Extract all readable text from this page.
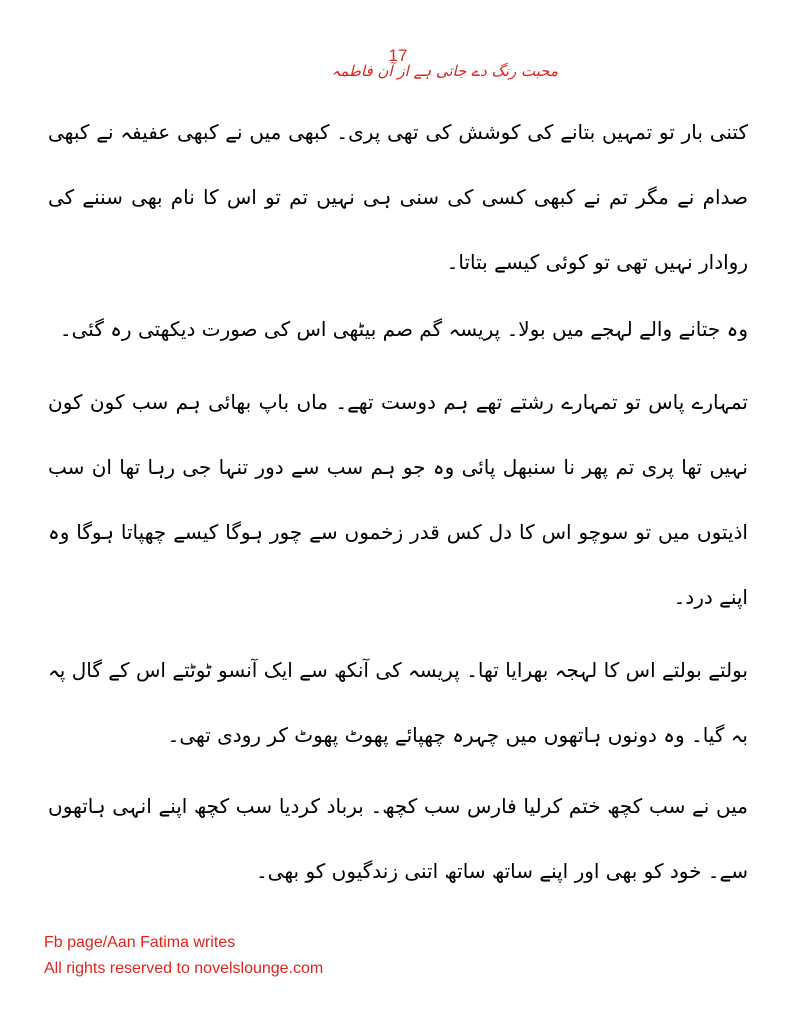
17

محبت رنگ دے جاتی ہے از آن فاطمہ

کتنی بار تو تمہیں بتانے کی کوشش کی تھی پری۔ کبھی میں نے کبھی عفیفہ نے کبھی صدام نے مگر تم نے کبھی کسی کی سنی ہی نہیں تم تو اس کا نام بھی سننے کی روادار نہیں تھی تو کوئی کیسے بتاتا۔

وہ جتانے والے لہجے میں بولا۔ پریسہ گم صم بیٹھی اس کی صورت دیکھتی رہ گئی۔

تمہارے پاس تو تمہارے رشتے تھے ہم دوست تھے۔ ماں باپ بھائی ہم سب کون کون نہیں تھا پری تم پھر نا سنبھل پائی وہ جو ہم سب سے دور تنہا جی رہا تھا ان سب اذیتوں میں تو سوچو اس کا دل کس قدر زخموں سے چور ہوگا کیسے چھپاتا ہوگا وہ اپنے درد۔

بولتے بولتے اس کا لہجہ بھرایا تھا۔ پریسہ کی آنکھ سے ایک آنسو ٹوٹتے اس کے گال پہ بہ گیا۔ وہ دونوں ہاتھوں میں چہرہ چھپائے پھوٹ پھوٹ کر رودی تھی۔

میں نے سب کچھ ختم کرلیا فارس سب کچھ۔ برباد کردیا سب کچھ اپنے انہی ہاتھوں سے۔ خود کو بھی اور اپنے ساتھ ساتھ اتنی زندگیوں کو بھی۔

Fb page/Aan Fatima writes
All rights reserved to novelslounge.com
